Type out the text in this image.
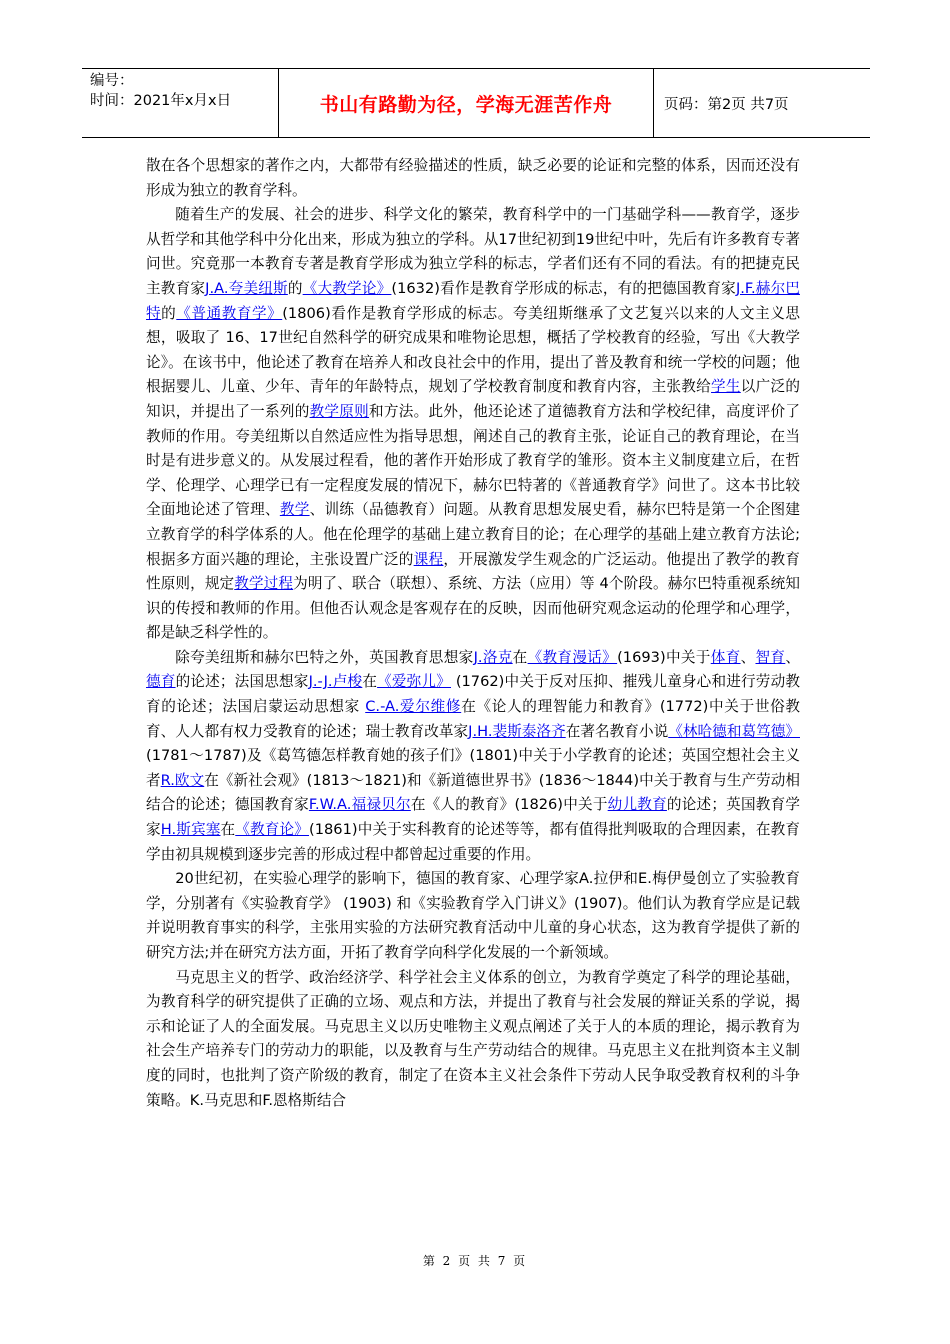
编号：
时间：2021年x月x日	书山有路勤为径，学海无涯苦作舟	页码：第2页 共7页

散在各个思想家的著作之内，大都带有经验描述的性质，缺乏必要的论证和完整的体系，因而还没有形成为独立的教育学科。

随着生产的发展、社会的进步、科学文化的繁荣，教育科学中的一门基础学科——教育学，逐步从哲学和其他学科中分化出来，形成为独立的学科。从17世纪初到19世纪中叶，先后有许多教育专著问世。究竟那一本教育专著是教育学形成为独立学科的标志，学者们还有不同的看法。有的把捷克民主教育家J.A.夸美纽斯的《大教学论》(1632)看作是教育学形成的标志，有的把德国教育家J.F.赫尔巴特的《普通教育学》(1806)看作是教育学形成的标志。夸美纽斯继承了文艺复兴以来的人文主义思想，吸取了 16、17世纪自然科学的研究成果和唯物论思想，概括了学校教育的经验，写出《大教学论》。在该书中，他论述了教育在培养人和改良社会中的作用，提出了普及教育和统一学校的问题；他根据婴儿、儿童、少年、青年的年龄特点，规划了学校教育制度和教育内容，主张教给学生以广泛的知识，并提出了一系列的教学原则和方法。此外，他还论述了道德教育方法和学校纪律，高度评价了教师的作用。夸美纽斯以自然适应性为指导思想，阐述自己的教育主张，论证自己的教育理论，在当时是有进步意义的。从发展过程看，他的著作开始形成了教育学的雏形。资本主义制度建立后，在哲学、伦理学、心理学已有一定程度发展的情况下，赫尔巴特著的《普通教育学》问世了。这本书比较全面地论述了管理、教学、训练（品德教育）问题。从教育思想发展史看，赫尔巴特是第一个企图建立教育学的科学体系的人。他在伦理学的基础上建立教育目的论；在心理学的基础上建立教育方法论;根据多方面兴趣的理论，主张设置广泛的课程，开展激发学生观念的广泛运动。他提出了教学的教育性原则，规定教学过程为明了、联合（联想）、系统、方法（应用）等 4个阶段。赫尔巴特重视系统知识的传授和教师的作用。但他否认观念是客观存在的反映，因而他研究观念运动的伦理学和心理学，都是缺乏科学性的。

除夸美纽斯和赫尔巴特之外，英国教育思想家J.洛克在《教育漫话》(1693)中关于体育、智育、德育的论述；法国思想家J.-J.卢梭在《爱弥儿》 (1762)中关于反对压抑、摧残儿童身心和进行劳动教育的论述；法国启蒙运动思想家 C.-A.爱尔维修在《论人的理智能力和教育》(1772)中关于世俗教育、人人都有权力受教育的论述；瑞士教育改革家J.H.裴斯泰洛齐在著名教育小说《林哈德和葛笃德》(1781～1787)及《葛笃德怎样教育她的孩子们》(1801)中关于小学教育的论述；英国空想社会主义者R.欧文在《新社会观》(1813～1821)和《新道德世界书》(1836～1844)中关于教育与生产劳动相结合的论述；德国教育家F.W.A.福禄贝尔在《人的教育》(1826)中关于幼儿教育的论述；英国教育学家H.斯宾塞在《教育论》(1861)中关于实科教育的论述等等，都有值得批判吸取的合理因素，在教育学由初具规模到逐步完善的形成过程中都曾起过重要的作用。

20世纪初，在实验心理学的影响下，德国的教育家、心理学家A.拉伊和E.梅伊曼创立了实验教育学，分别著有《实验教育学》 (1903) 和《实验教育学入门讲义》(1907)。他们认为教育学应是记载并说明教育事实的科学，主张用实验的方法研究教育活动中儿童的身心状态，这为教育学提供了新的研究方法;并在研究方法方面，开拓了教育学向科学化发展的一个新领域。

马克思主义的哲学、政治经济学、科学社会主义体系的创立，为教育学奠定了科学的理论基础，为教育科学的研究提供了正确的立场、观点和方法，并提出了教育与社会发展的辩证关系的学说，揭示和论证了人的全面发展。马克思主义以历史唯物主义观点阐述了关于人的本质的理论，揭示教育为社会生产培养专门的劳动力的职能，以及教育与生产劳动结合的规律。马克思主义在批判资本主义制度的同时，也批判了资产阶级的教育，制定了在资本主义社会条件下劳动人民争取受教育权利的斗争策略。K.马克思和F.恩格斯结合

第 2 页 共 7 页
